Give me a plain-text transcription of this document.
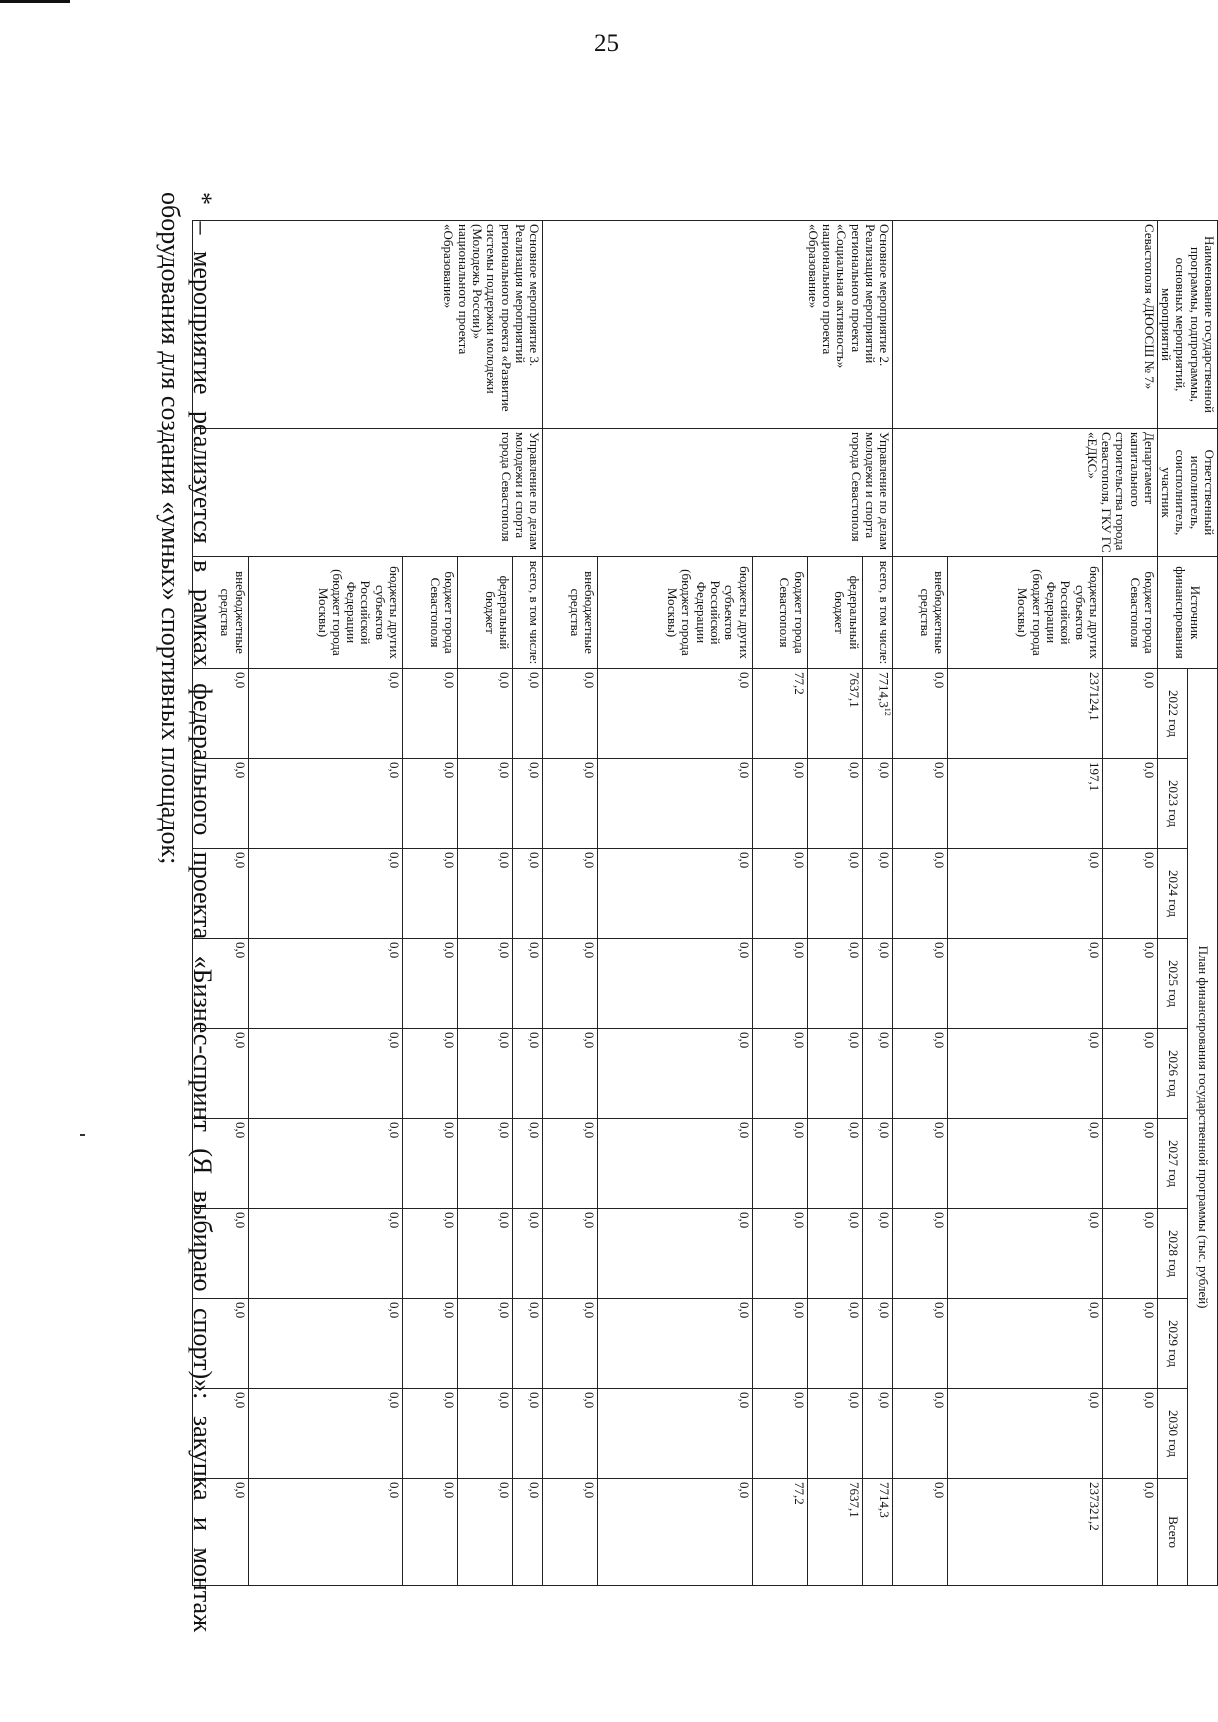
25
Наименование государственной программы, подпрограммы, основных мероприятий, мероприятий	Ответственный исполнитель, соисполнитель, участник	Источник финансирования	План финансирования государственной программы (тыс. рублей)									
			2022 год	2023 год	2024 год	2025 год	2026 год	2027 год	2028 год	2029 год	2030 год	Всего
Севастополя «ДЮОСШ № 7»	Департамент капитального строительства города Севастополя, ГКУ ГС «ЕДКС»	бюджет города Севастополя	0,0	0,0	0,0	0,0	0,0	0,0	0,0	0,0	0,0	0,0
		бюджеты других субъектов Российской Федерации (бюджет города Москвы)	237124,1	197,1	0,0	0,0	0,0	0,0	0,0	0,0	0,0	237321,2
		внебюджетные средства	0,0	0,0	0,0	0,0	0,0	0,0	0,0	0,0	0,0	0,0
Основное мероприятие 2. Реализация мероприятий регионального проекта «Социальная активность» национального проекта «Образование»	Управление по делам молодежи и спорта города Севастополя	всего, в том числе:	7714,3$^{12}$	0,0	0,0	0,0	0,0	0,0	0,0	0,0	0,0	7714,3
		федеральный бюджет	7637,1	0,0	0,0	0,0	0,0	0,0	0,0	0,0	0,0	7637,1
		бюджет города Севастополя	77,2	0,0	0,0	0,0	0,0	0,0	0,0	0,0	0,0	77,2
		бюджеты других субъектов Российской Федерации (бюджет города Москвы)	0,0	0,0	0,0	0,0	0,0	0,0	0,0	0,0	0,0	0,0
		внебюджетные средства	0,0	0,0	0,0	0,0	0,0	0,0	0,0	0,0	0,0	0,0
Основное мероприятие 3. Реализация мероприятий регионального проекта «Развитие системы поддержки молодежи (Молодежь России)» национального проекта «Образование»	Управление по делам молодежи и спорта города Севастополя	всего, в том числе:	0,0	0,0	0,0	0,0	0,0	0,0	0,0	0,0	0,0	0,0
		федеральный бюджет	0,0	0,0	0,0	0,0	0,0	0,0	0,0	0,0	0,0	0,0
		бюджет города Севастополя	0,0	0,0	0,0	0,0	0,0	0,0	0,0	0,0	0,0	0,0
		бюджеты других субъектов Российской Федерации (бюджет города Москвы)	0,0	0,0	0,0	0,0	0,0	0,0	0,0	0,0	0,0	0,0
		внебюджетные средства	0,0	0,0	0,0	0,0	0,0	0,0	0,0	0,0	0,0	0,0

* – мероприятие реализуется в рамках федерального проекта «Бизнес-спринт (Я выбираю спорт)»: закупка и монтаж оборудования для создания «умных» спортивных площадок;
